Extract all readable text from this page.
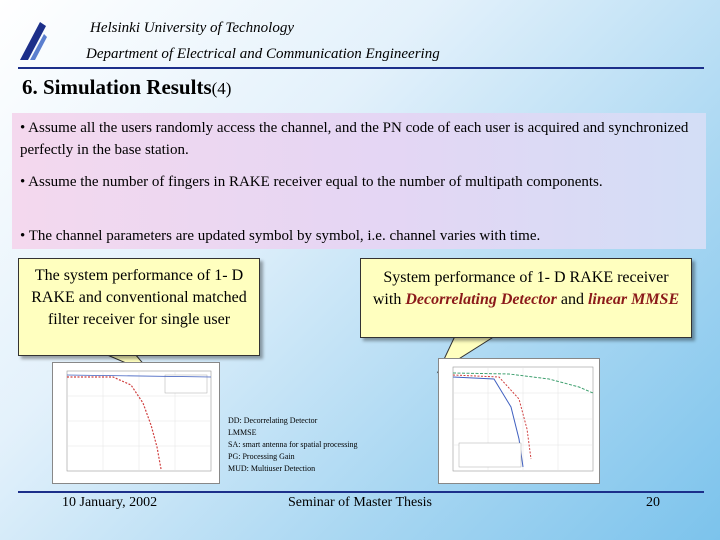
Helsinki University of Technology
Department of Electrical and Communication Engineering
6. Simulation Results(4)
• Assume all the users randomly access the channel, and the PN code of each user is acquired and synchronized perfectly in the base station.
• Assume the number of fingers in RAKE receiver equal to the number of multipath components.
• The channel parameters are updated symbol by symbol, i.e. channel varies with time.
The system performance of 1- D RAKE and conventional matched filter receiver for single user
System performance of 1- D RAKE receiver with Decorrelating Detector and linear MMSE
DD: Decorrelating Detector
LMMSE
SA: smart antenna for spatial processing
PG: Processing Gain
MUD: Multiuser Detection
10 January, 2002	Seminar of Master Thesis	20
